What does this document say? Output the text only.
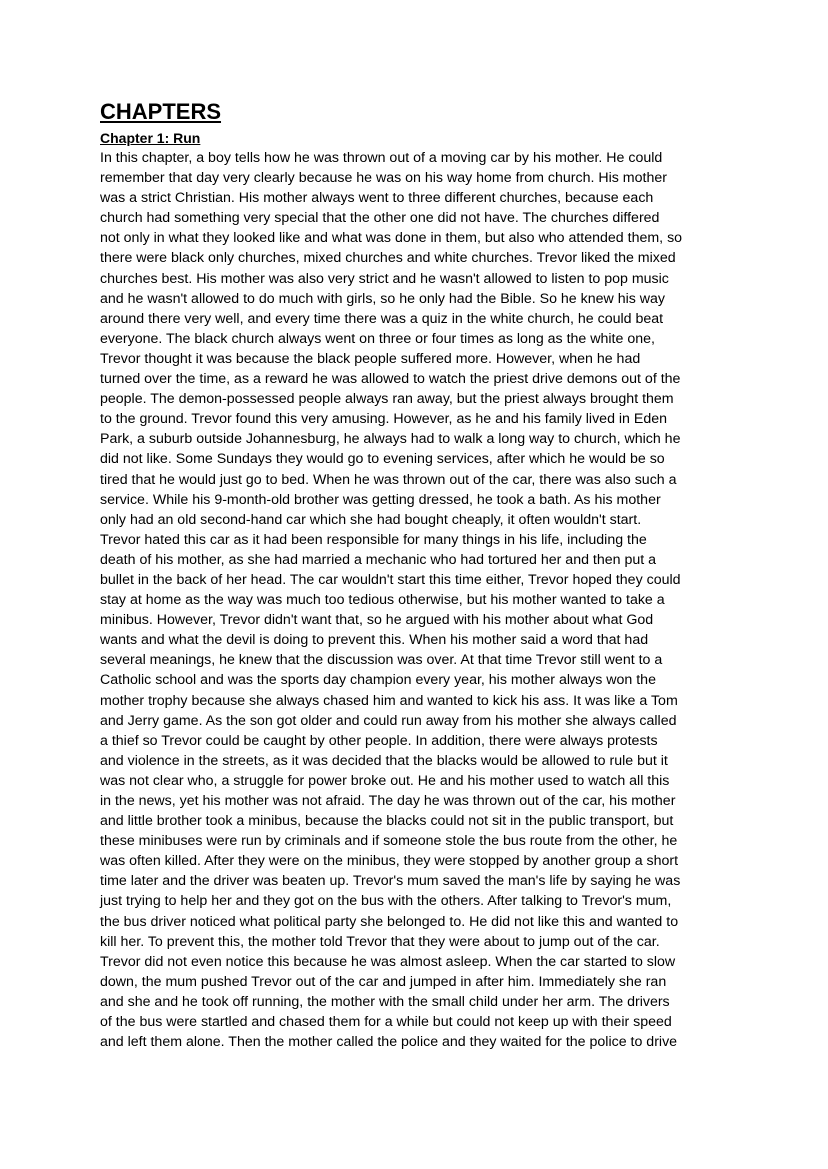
CHAPTERS
Chapter 1: Run
In this chapter, a boy tells how he was thrown out of a moving car by his mother. He could
remember that day very clearly because he was on his way home from church. His mother
was a strict Christian. His mother always went to three different churches, because each
church had something very special that the other one did not have. The churches differed
not only in what they looked like and what was done in them, but also who attended them, so
there were black only churches, mixed churches and white churches. Trevor liked the mixed
churches best. His mother was also very strict and he wasn't allowed to listen to pop music
and he wasn't allowed to do much with girls, so he only had the Bible. So he knew his way
around there very well, and every time there was a quiz in the white church, he could beat
everyone. The black church always went on three or four times as long as the white one,
Trevor thought it was because the black people suffered more. However, when he had
turned over the time, as a reward he was allowed to watch the priest drive demons out of the
people. The demon-possessed people always ran away, but the priest always brought them
to the ground. Trevor found this very amusing. However, as he and his family lived in Eden
Park, a suburb outside Johannesburg, he always had to walk a long way to church, which he
did not like. Some Sundays they would go to evening services, after which he would be so
tired that he would just go to bed. When he was thrown out of the car, there was also such a
service. While his 9-month-old brother was getting dressed, he took a bath. As his mother
only had an old second-hand car which she had bought cheaply, it often wouldn't start.
Trevor hated this car as it had been responsible for many things in his life, including the
death of his mother, as she had married a mechanic who had tortured her and then put a
bullet in the back of her head. The car wouldn't start this time either, Trevor hoped they could
stay at home as the way was much too tedious otherwise, but his mother wanted to take a
minibus. However, Trevor didn't want that, so he argued with his mother about what God
wants and what the devil is doing to prevent this. When his mother said a word that had
several meanings, he knew that the discussion was over. At that time Trevor still went to a
Catholic school and was the sports day champion every year, his mother always won the
mother trophy because she always chased him and wanted to kick his ass. It was like a Tom
and Jerry game. As the son got older and could run away from his mother she always called
a thief so Trevor could be caught by other people. In addition, there were always protests
and violence in the streets, as it was decided that the blacks would be allowed to rule but it
was not clear who, a struggle for power broke out. He and his mother used to watch all this
in the news, yet his mother was not afraid. The day he was thrown out of the car, his mother
and little brother took a minibus, because the blacks could not sit in the public transport, but
these minibuses were run by criminals and if someone stole the bus route from the other, he
was often killed. After they were on the minibus, they were stopped by another group a short
time later and the driver was beaten up. Trevor's mum saved the man's life by saying he was
just trying to help her and they got on the bus with the others. After talking to Trevor's mum,
the bus driver noticed what political party she belonged to. He did not like this and wanted to
kill her. To prevent this, the mother told Trevor that they were about to jump out of the car.
Trevor did not even notice this because he was almost asleep. When the car started to slow
down, the mum pushed Trevor out of the car and jumped in after him. Immediately she ran
and she and he took off running, the mother with the small child under her arm. The drivers
of the bus were startled and chased them for a while but could not keep up with their speed
and left them alone. Then the mother called the police and they waited for the police to drive
